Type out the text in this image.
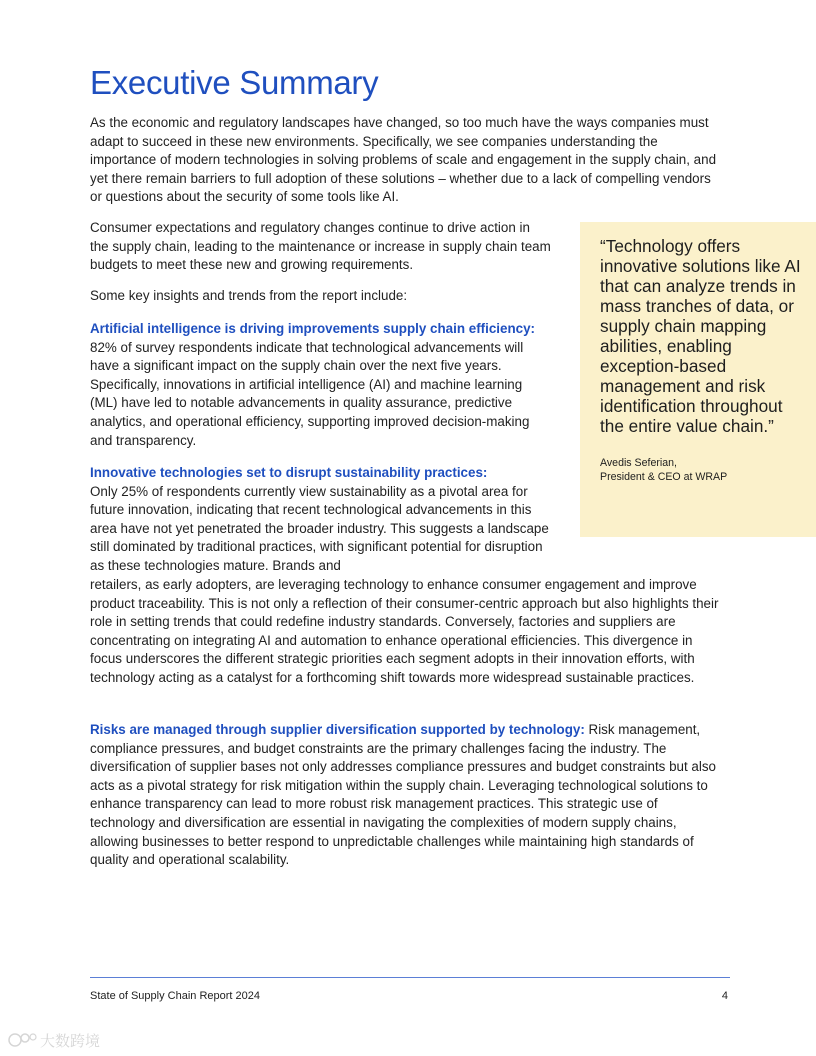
Executive Summary

As the economic and regulatory landscapes have changed, so too much have the ways companies must adapt to succeed in these new environments. Specifically, we see companies understanding the importance of modern technologies in solving problems of scale and engagement in the supply chain, and yet there remain barriers to full adoption of these solutions – whether due to a lack of compelling vendors or questions about the security of some tools like AI.

Consumer expectations and regulatory changes continue to drive action in the supply chain, leading to the maintenance or increase in supply chain team budgets to meet these new and growing requirements.

Some key insights and trends from the report include:

Artificial intelligence is driving improvements supply chain efficiency:
82% of survey respondents indicate that technological advancements will have a significant impact on the supply chain over the next five years. Specifically, innovations in artificial intelligence (AI) and machine learning (ML) have led to notable advancements in quality assurance, predictive analytics, and operational efficiency, supporting improved decision-making and transparency.

Innovative technologies set to disrupt sustainability practices:
Only 25% of respondents currently view sustainability as a pivotal area for future innovation, indicating that recent technological advancements in this area have not yet penetrated the broader industry. This suggests a landscape still dominated by traditional practices, with significant potential for disruption as these technologies mature. Brands and

retailers, as early adopters, are leveraging technology to enhance consumer engagement and improve product traceability. This is not only a reflection of their consumer-centric approach but also highlights their role in setting trends that could redefine industry standards. Conversely, factories and suppliers are concentrating on integrating AI and automation to enhance operational efficiencies. This divergence in focus underscores the different strategic priorities each segment adopts in their innovation efforts, with technology acting as a catalyst for a forthcoming shift towards more widespread sustainable practices.

Risks are managed through supplier diversification supported by technology: Risk management, compliance pressures, and budget constraints are the primary challenges facing the industry. The diversification of supplier bases not only addresses compliance pressures and budget constraints but also acts as a pivotal strategy for risk mitigation within the supply chain. Leveraging technological solutions to enhance transparency can lead to more robust risk management practices. This strategic use of technology and diversification are essential in navigating the complexities of modern supply chains, allowing businesses to better respond to unpredictable challenges while maintaining high standards of quality and operational scalability.

“Technology offers innovative solutions like AI that can analyze trends in mass tranches of data, or supply chain mapping abilities, enabling exception-based management and risk identification throughout the entire value chain.”

Avedis Seferian,
President & CEO at WRAP

State of Supply Chain Report 2024	4
大数跨境
